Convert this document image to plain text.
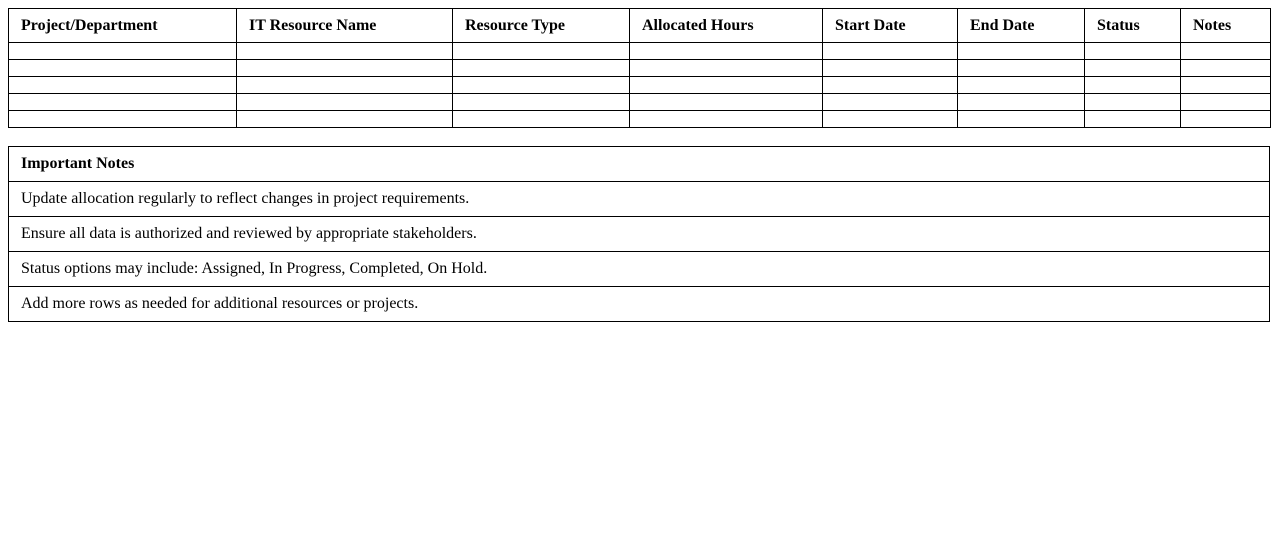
Project/Department	IT Resource Name	Resource Type	Allocated Hours	Start Date	End Date	Status	Notes

Important Notes
Update allocation regularly to reflect changes in project requirements.
Ensure all data is authorized and reviewed by appropriate stakeholders.
Status options may include: Assigned, In Progress, Completed, On Hold.
Add more rows as needed for additional resources or projects.
